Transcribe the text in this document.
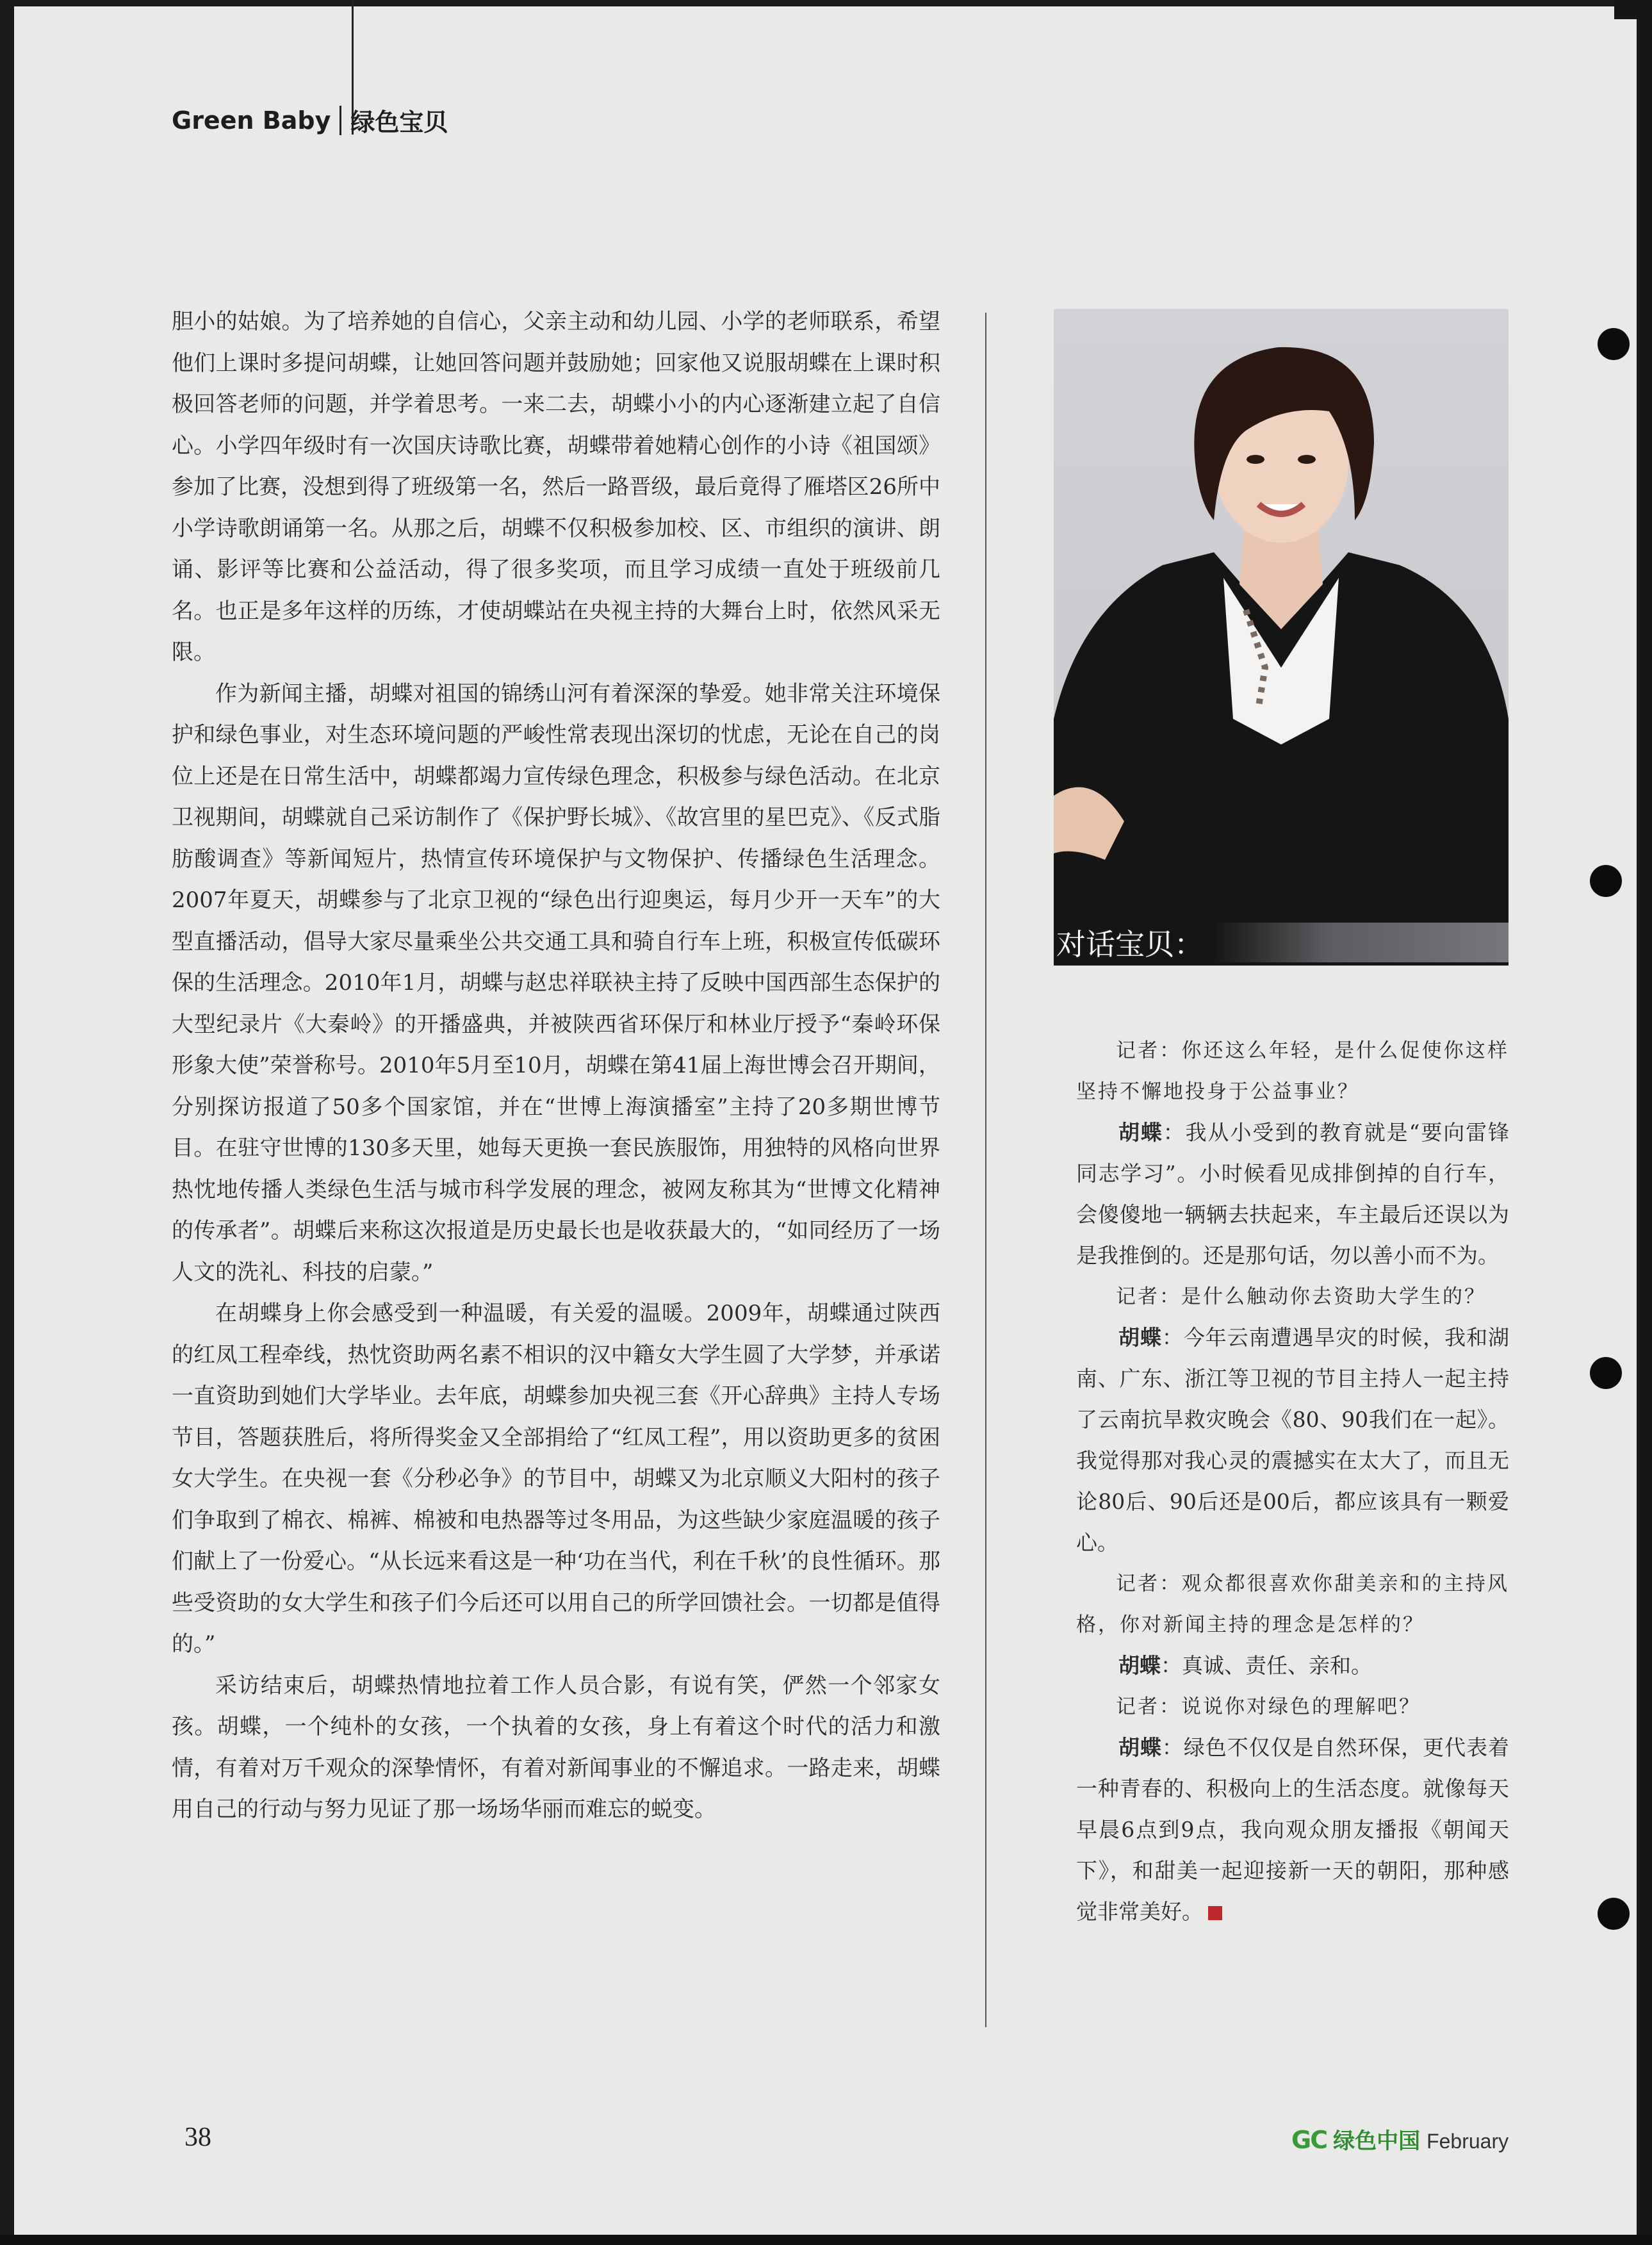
Green Baby 绿色宝贝

胆小的姑娘。为了培养她的自信心，父亲主动和幼儿园、小学的老师联系，希望他们上课时多提问胡蝶，让她回答问题并鼓励她；回家他又说服胡蝶在上课时积极回答老师的问题，并学着思考。一来二去，胡蝶小小的内心逐渐建立起了自信心。小学四年级时有一次国庆诗歌比赛，胡蝶带着她精心创作的小诗《祖国颂》参加了比赛，没想到得了班级第一名，然后一路晋级，最后竟得了雁塔区26所中小学诗歌朗诵第一名。从那之后，胡蝶不仅积极参加校、区、市组织的演讲、朗诵、影评等比赛和公益活动，得了很多奖项，而且学习成绩一直处于班级前几名。也正是多年这样的历练，才使胡蝶站在央视主持的大舞台上时，依然风采无限。

作为新闻主播，胡蝶对祖国的锦绣山河有着深深的挚爱。她非常关注环境保护和绿色事业，对生态环境问题的严峻性常表现出深切的忧虑，无论在自己的岗位上还是在日常生活中，胡蝶都竭力宣传绿色理念，积极参与绿色活动。在北京卫视期间，胡蝶就自己采访制作了《保护野长城》、《故宫里的星巴克》、《反式脂肪酸调查》等新闻短片，热情宣传环境保护与文物保护、传播绿色生活理念。2007年夏天，胡蝶参与了北京卫视的“绿色出行迎奥运，每月少开一天车”的大型直播活动，倡导大家尽量乘坐公共交通工具和骑自行车上班，积极宣传低碳环保的生活理念。2010年1月，胡蝶与赵忠祥联袂主持了反映中国西部生态保护的大型纪录片《大秦岭》的开播盛典，并被陕西省环保厅和林业厅授予“秦岭环保形象大使”荣誉称号。2010年5月至10月，胡蝶在第41届上海世博会召开期间，分别探访报道了50多个国家馆，并在“世博上海演播室”主持了20多期世博节目。在驻守世博的130多天里，她每天更换一套民族服饰，用独特的风格向世界热忱地传播人类绿色生活与城市科学发展的理念，被网友称其为“世博文化精神的传承者”。胡蝶后来称这次报道是历史最长也是收获最大的，“如同经历了一场人文的洗礼、科技的启蒙。”

在胡蝶身上你会感受到一种温暖，有关爱的温暖。2009年，胡蝶通过陕西的红凤工程牵线，热忱资助两名素不相识的汉中籍女大学生圆了大学梦，并承诺一直资助到她们大学毕业。去年底，胡蝶参加央视三套《开心辞典》主持人专场节目，答题获胜后，将所得奖金又全部捐给了“红凤工程”，用以资助更多的贫困女大学生。在央视一套《分秒必争》的节目中，胡蝶又为北京顺义大阳村的孩子们争取到了棉衣、棉裤、棉被和电热器等过冬用品，为这些缺少家庭温暖的孩子们献上了一份爱心。“从长远来看这是一种‘功在当代，利在千秋’的良性循环。那些受资助的女大学生和孩子们今后还可以用自己的所学回馈社会。一切都是值得的。”

采访结束后，胡蝶热情地拉着工作人员合影，有说有笑，俨然一个邻家女孩。胡蝶，一个纯朴的女孩，一个执着的女孩，身上有着这个时代的活力和激情，有着对万千观众的深挚情怀，有着对新闻事业的不懈追求。一路走来，胡蝶用自己的行动与努力见证了那一场场华丽而难忘的蜕变。

对话宝贝：

记者：你还这么年轻，是什么促使你这样坚持不懈地投身于公益事业？

胡蝶：我从小受到的教育就是“要向雷锋同志学习”。小时候看见成排倒掉的自行车，会傻傻地一辆辆去扶起来，车主最后还误以为是我推倒的。还是那句话，勿以善小而不为。

记者：是什么触动你去资助大学生的？

胡蝶：今年云南遭遇旱灾的时候，我和湖南、广东、浙江等卫视的节目主持人一起主持了云南抗旱救灾晚会《80、90我们在一起》。我觉得那对我心灵的震撼实在太大了，而且无论80后、90后还是00后，都应该具有一颗爱心。

记者：观众都很喜欢你甜美亲和的主持风格，你对新闻主持的理念是怎样的？

胡蝶：真诚、责任、亲和。

记者：说说你对绿色的理解吧？

胡蝶：绿色不仅仅是自然环保，更代表着一种青春的、积极向上的生活态度。就像每天早晨6点到9点，我向观众朋友播报《朝闻天下》，和甜美一起迎接新一天的朝阳，那种感觉非常美好。

38	GC 绿色中国 February
